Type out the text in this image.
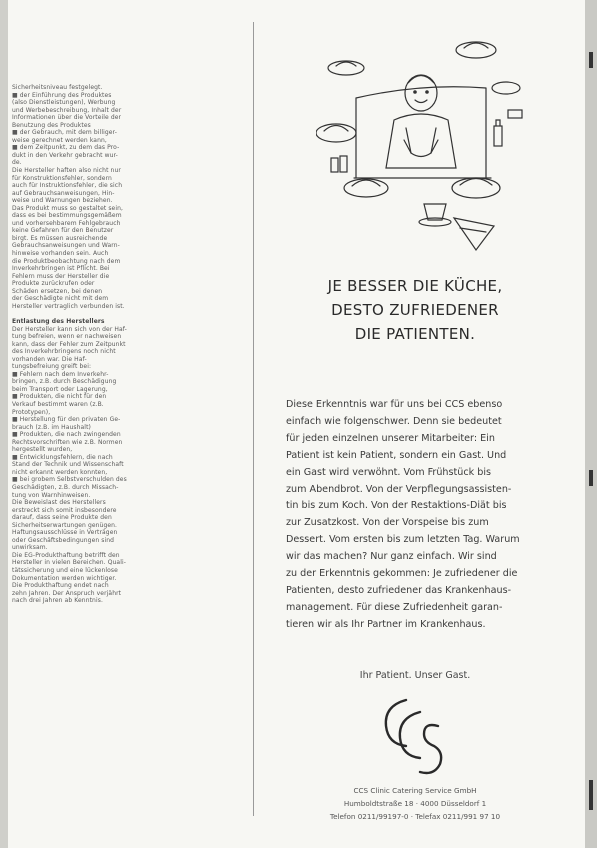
Sicherheitsniveau festgelegt.

■ der Einführung des Produktes

(also Dienstleistungen), Werbung

und Werbebeschreibung, Inhalt der

Informationen über die Vorteile der

Benutzung des Produktes

■ der Gebrauch, mit dem billiger-

weise gerechnet werden kann,

■ dem Zeitpunkt, zu dem das Pro-

dukt in den Verkehr gebracht wur-

de.

Die Hersteller haften also nicht nur

für Konstruktionsfehler, sondern

auch für Instruktionsfehler, die sich

auf Gebrauchsanweisungen, Hin-

weise und Warnungen beziehen.

Das Produkt muss so gestaltet sein,

dass es bei bestimmungsgemäßem

und vorhersehbarem Fehlgebrauch

keine Gefahren für den Benutzer

birgt. Es müssen ausreichende

Gebrauchsanweisungen und Warn-

hinweise vorhanden sein. Auch

die Produktbeobachtung nach dem

Inverkehrbringen ist Pflicht. Bei

Fehlern muss der Hersteller die

Produkte zurückrufen oder

Schäden ersetzen, bei denen

der Geschädigte nicht mit dem

Hersteller vertraglich verbunden ist.

Entlastung des Herstellers

Der Hersteller kann sich von der Haf-

tung befreien, wenn er nachweisen

kann, dass der Fehler zum Zeitpunkt

des Inverkehrbringens noch nicht

vorhanden war. Die Haf-

tungsbefreiung greift bei:

■ Fehlern nach dem Inverkehr-

bringen, z.B. durch Beschädigung

beim Transport oder Lagerung,

■ Produkten, die nicht für den

Verkauf bestimmt waren (z.B.

Prototypen),

■ Herstellung für den privaten Ge-

brauch (z.B. im Haushalt)

■ Produkten, die nach zwingenden

Rechtsvorschriften wie z.B. Normen

hergestellt wurden,

■ Entwicklungsfehlern, die nach

Stand der Technik und Wissenschaft

nicht erkannt werden konnten,

■ bei grobem Selbstverschulden des

Geschädigten, z.B. durch Missach-

tung von Warnhinweisen.

Die Beweislast des Herstellers

erstreckt sich somit insbesondere

darauf, dass seine Produkte den

Sicherheitserwartungen genügen.

Haftungsausschlüsse in Verträgen

oder Geschäftsbedingungen sind

unwirksam.

Die EG-Produkthaftung betrifft den

Hersteller in vielen Bereichen. Quali-

tätssicherung und eine lückenlose

Dokumentation werden wichtiger.

Die Produkthaftung endet nach

zehn Jahren. Der Anspruch verjährt

nach drei Jahren ab Kenntnis.

JE BESSER DIE KÜCHE,
DESTO ZUFRIEDENER
DIE PATIENTEN.

Diese Erkenntnis war für uns bei CCS ebenso

einfach wie folgenschwer. Denn sie bedeutet

für jeden einzelnen unserer Mitarbeiter: Ein

Patient ist kein Patient, sondern ein Gast. Und

ein Gast wird verwöhnt. Vom Frühstück bis

zum Abendbrot. Von der Verpflegungsassisten-

tin bis zum Koch. Von der Restaktions-Diät bis

zur Zusatzkost. Von der Vorspeise bis zum

Dessert. Vom ersten bis zum letzten Tag. Warum

wir das machen? Nur ganz einfach. Wir sind

zu der Erkenntnis gekommen: Je zufriedener die

Patienten, desto zufriedener das Krankenhaus-

management. Für diese Zufriedenheit garan-

tieren wir als Ihr Partner im Krankenhaus.

Ihr Patient. Unser Gast.

CCS Clinic Catering Service GmbH

Humboldtstraße 18 · 4000 Düsseldorf 1

Telefon 0211/99197-0 · Telefax 0211/991 97 10
